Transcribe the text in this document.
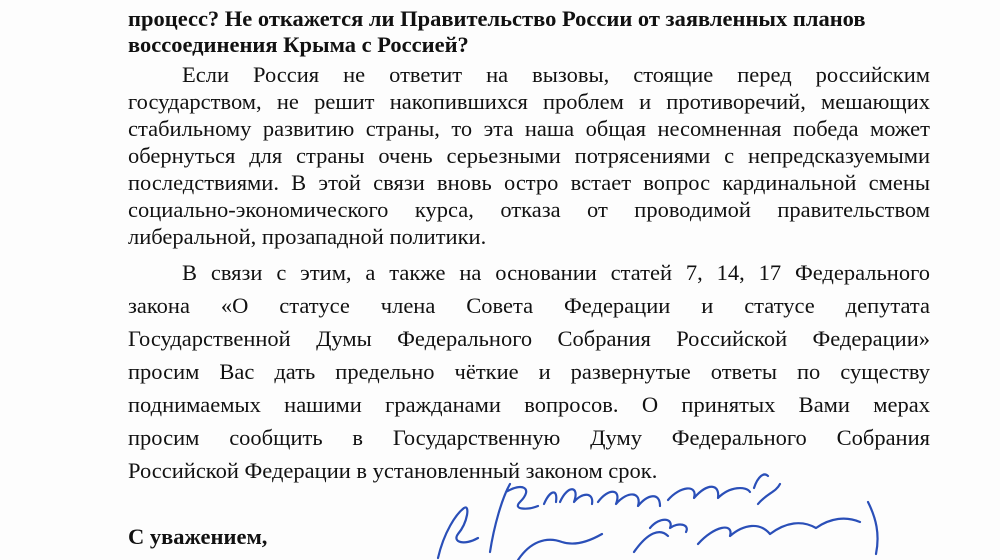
процесс? Не откажется ли Правительство России от заявленных планов
воссоединения Крыма с Россией?
Если Россия не ответит на вызовы, стоящие перед российским
государством, не решит накопившихся проблем и противоречий, мешающих
стабильному развитию страны, то эта наша общая несомненная победа может
обернуться для страны очень серьезными потрясениями с непредсказуемыми
последствиями. В этой связи вновь остро встает вопрос кардинальной смены
социально-экономического курса, отказа от проводимой правительством
либеральной, прозападной политики.
В связи с этим, а также на основании статей 7, 14, 17 Федерального
закона «О статусе члена Совета Федерации и статусе депутата
Государственной Думы Федерального Собрания Российской Федерации»
просим Вас дать предельно чёткие и развернутые ответы по существу
поднимаемых нашими гражданами вопросов. О принятых Вами мерах
просим сообщить в Государственную Думу Федерального Собрания
Российской Федерации в установленный законом срок.
С уважением,
